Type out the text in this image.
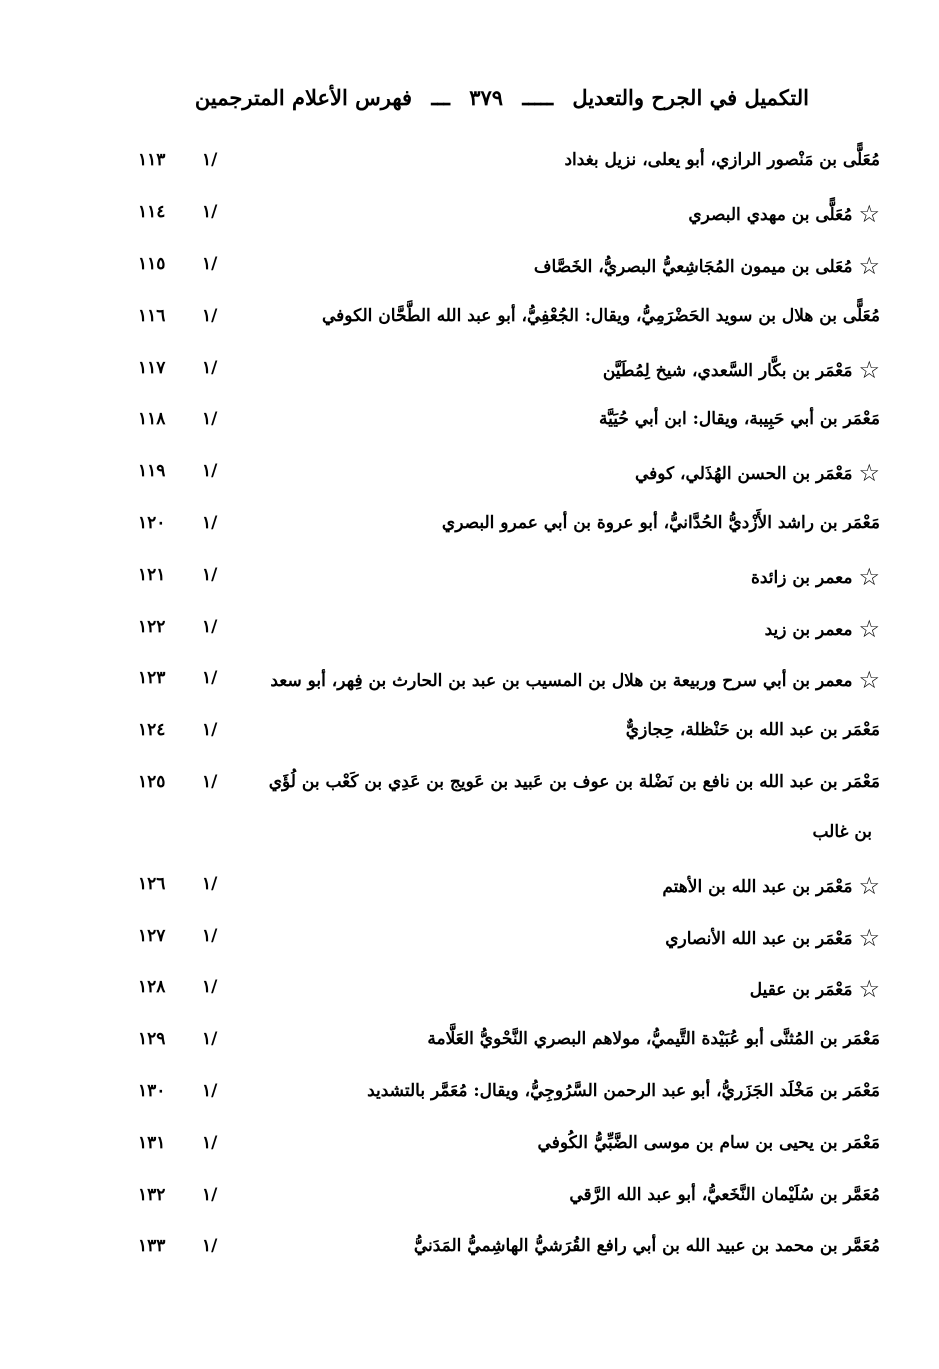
التكميل في الجرح والتعديل ـــــ ٣٧٩ ـــ فهرس الأعلام المترجمين
مُعَلًّى بن مَنْصور الرازي، أبو يعلى، نزيل بغداد
١/
١١٣
☆مُعَلًّى بن مهدي البصري
١/
١١٤
☆مُعَلى بن ميمون المُجَاشِعيُّ البصريُّ، الخَصَّاف
١/
١١٥
مُعَلًّى بن هلال بن سويد الحَضْرَمِيُّ، ويقال: الجُعْفِيُّ، أبو عبد الله الطَّحَّان الكوفي
١/
١١٦
☆مَعْمَر بن بكَّار السَّعدي، شيخ لِمُطَيَّن
١/
١١٧
مَعْمَر بن أبي حَبِيبة، ويقال: ابن أبي حُيَيَّة
١/
١١٨
☆مَعْمَر بن الحسن الهُذَلي، كوفي
١/
١١٩
مَعْمَر بن راشد الأَزْديُّ الحُدَّانيُّ، أبو عروة بن أبي عمرو البصري
١/
١٢٠
☆معمر بن زائدة
١/
١٢١
☆معمر بن زيد
١/
١٢٢
☆معمر بن أبي سرح وربيعة بن هلال بن المسيب بن عبد بن الحارث بن فِهر، أبو سعد
١/
١٢٣
مَعْمَر بن عبد الله بن حَنْظلة، حِجازيٌّ
١/
١٢٤
مَعْمَر بن عبد الله بن نافع بن نَضْلة بن عوف بن عَبيد بن عَويج بن عَدِي بن كَعْب بن لُؤَي
١/
١٢٥
بن غالب
☆مَعْمَر بن عبد الله بن الأهتم
١/
١٢٦
☆مَعْمَر بن عبد الله الأنصاري
١/
١٢٧
☆مَعْمَر بن عقيل
١/
١٢٨
مَعْمَر بن المُثنَّى أبو عُبَيْدة التَّيميُّ، مولاهم البصري النَّحْويُّ العَلَّامة
١/
١٢٩
مَعْمَر بن مَخْلَد الجَزَريُّ، أبو عبد الرحمن السَّرُوجِيُّ، ويقال: مُعَمَّر بالتشديد
١/
١٣٠
مَعْمَر بن يحيى بن سام بن موسى الضَّبِّيُّ الكُوفي
١/
١٣١
مُعَمَّر بن سُلَيْمان النَّخَعيُّ، أبو عبد الله الرَّقي
١/
١٣٢
مُعَمَّر بن محمد بن عبيد الله بن أبي رافع القُرَشيُّ الهاشِميُّ المَدَنيُّ
١/
١٣٣
